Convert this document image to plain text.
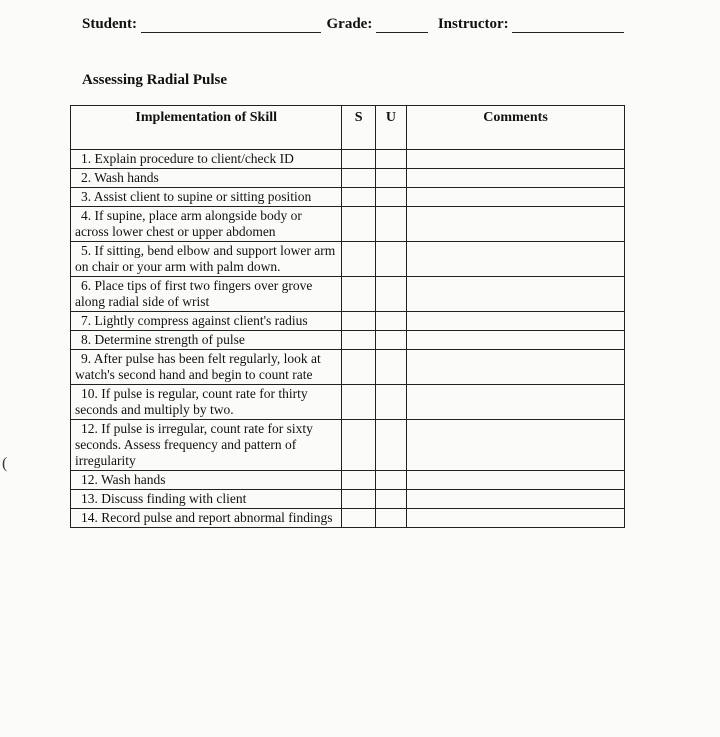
Student:	Grade:	Instructor:
Assessing Radial Pulse
Implementation of Skill	S	U	Comments
1. Explain procedure to client/check ID			
2. Wash hands			
3. Assist client to supine or sitting position			
4. If supine, place arm alongside body or across lower chest or upper abdomen			
5. If sitting, bend elbow and support lower arm on chair or your arm with palm down.			
6. Place tips of first two fingers over grove along radial side of wrist			
7. Lightly compress against client's radius			
8. Determine strength of pulse			
9. After pulse has been felt regularly, look at watch's second hand and begin to count rate			
10. If pulse is regular, count rate for thirty seconds and multiply by two.			
12. If pulse is irregular, count rate for sixty seconds. Assess frequency and pattern of irregularity			
12. Wash hands			
13. Discuss finding with client			
14. Record pulse and report abnormal findings			
(
